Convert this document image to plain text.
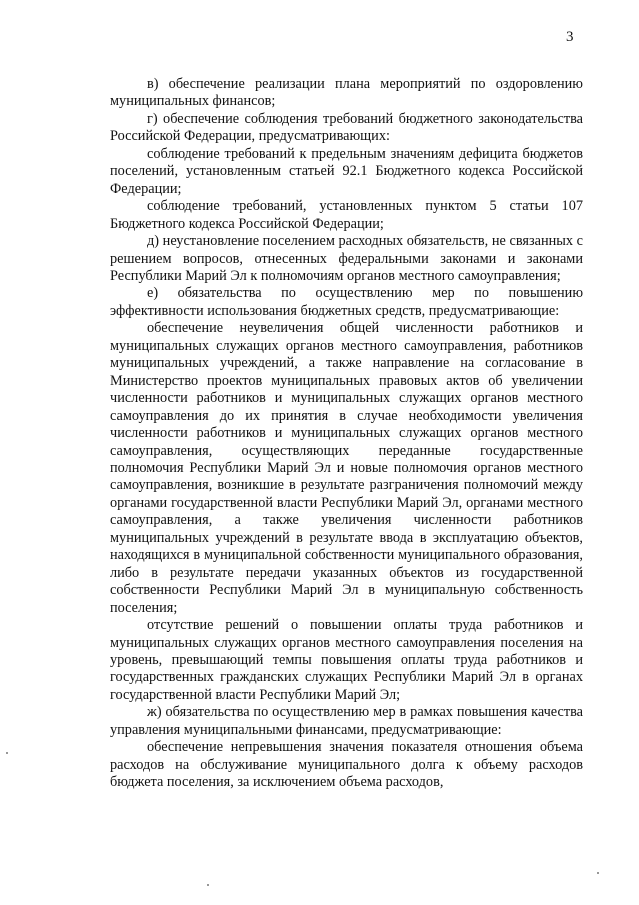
3

в) обеспечение реализации плана мероприятий по оздоровлению муниципальных финансов;

г) обеспечение соблюдения требований бюджетного законодательства Российской Федерации, предусматривающих:

соблюдение требований к предельным значениям дефицита бюджетов поселений, установленным статьей 92.1 Бюджетного кодекса Российской Федерации;

соблюдение требований, установленных пунктом 5 статьи 107 Бюджетного кодекса Российской Федерации;

д) неустановление поселением расходных обязательств, не связанных с решением вопросов, отнесенных федеральными законами и законами Республики Марий Эл к полномочиям органов местного самоуправления;

е) обязательства по осуществлению мер по повышению эффективности использования бюджетных средств, предусматривающие:

обеспечение неувеличения общей численности работников и муниципальных служащих органов местного самоуправления, работников муниципальных учреждений, а также направление на согласование в Министерство проектов муниципальных правовых актов об увеличении численности работников и муниципальных служащих органов местного самоуправления до их принятия в случае необходимости увеличения численности работников и муниципальных служащих органов местного самоуправления, осуществляющих переданные государственные полномочия Республики Марий Эл и новые полномочия органов местного самоуправления, возникшие в результате разграничения полномочий между органами государственной власти Республики Марий Эл, органами местного самоуправления, а также увеличения численности работников муниципальных учреждений в результате ввода в эксплуатацию объектов, находящихся в муниципальной собственности муниципального образования, либо в результате передачи указанных объектов из государственной собственности Республики Марий Эл в муниципальную собственность поселения;

отсутствие решений о повышении оплаты труда работников и муниципальных служащих органов местного самоуправления поселения на уровень, превышающий темпы повышения оплаты труда работников и государственных гражданских служащих Республики Марий Эл в органах государственной власти Республики Марий Эл;

ж) обязательства по осуществлению мер в рамках повышения качества управления муниципальными финансами, предусматривающие:

обеспечение непревышения значения показателя отношения объема расходов на обслуживание муниципального долга к объему расходов бюджета поселения, за исключением объема расходов,
